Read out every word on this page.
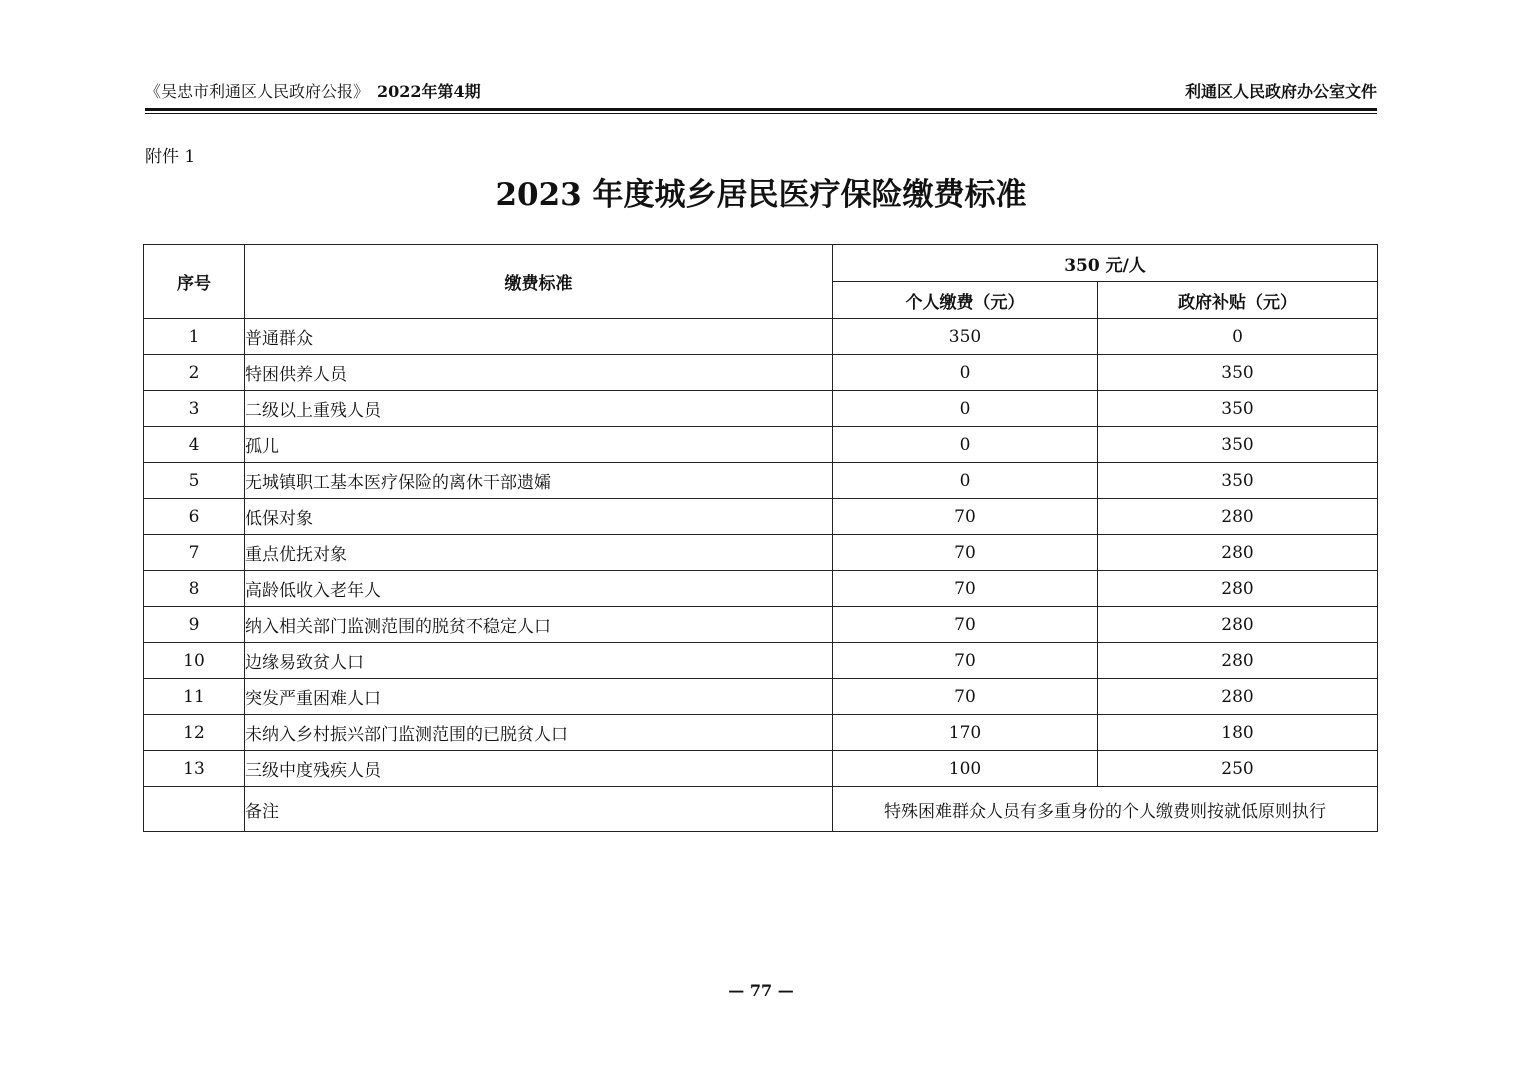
《吴忠市利通区人民政府公报》 2022年第4期	利通区人民政府办公室文件
附件 1
2023 年度城乡居民医疗保险缴费标准
序号	缴费标准	350 元/人	
		个人缴费（元）	政府补贴（元）
1	普通群众	350	0
2	特困供养人员	0	350
3	二级以上重残人员	0	350
4	孤儿	0	350
5	无城镇职工基本医疗保险的离休干部遗孀	0	350
6	低保对象	70	280
7	重点优抚对象	70	280
8	高龄低收入老年人	70	280
9	纳入相关部门监测范围的脱贫不稳定人口	70	280
10	边缘易致贫人口	70	280
11	突发严重困难人口	70	280
12	未纳入乡村振兴部门监测范围的已脱贫人口	170	180
13	三级中度残疾人员	100	250
	备注	特殊困难群众人员有多重身份的个人缴费则按就低原则执行	
— 77 —
